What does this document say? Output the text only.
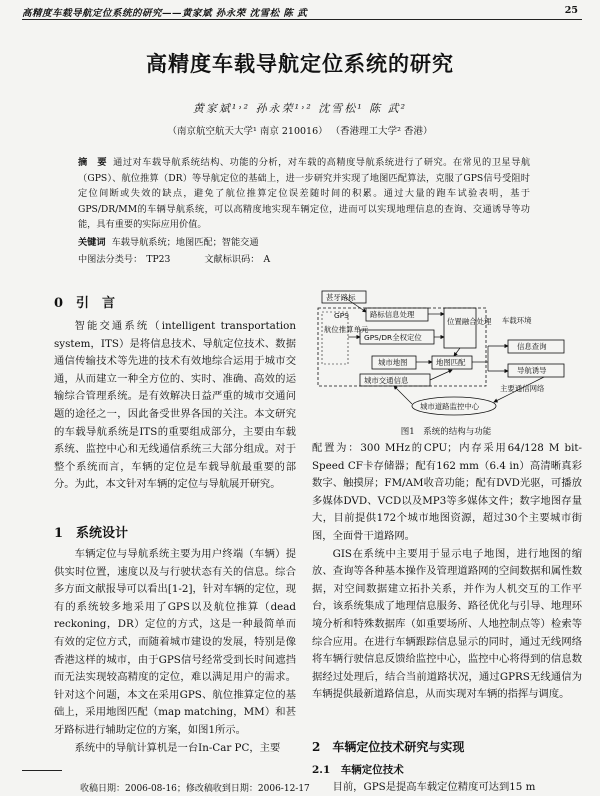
高精度车载导航定位系统的研究——黄家斌 孙永荣 沈雪松 陈 武	25
高精度车载导航定位系统的研究
黄家斌¹˒² 孙永荣¹˒² 沈雪松¹ 陈 武²
（南京航空航天大学¹ 南京 210016） （香港理工大学² 香港）
摘　要 通过对车载导航系统结构、功能的分析，对车载的高精度导航系统进行了研究。在常见的卫星导航（GPS）、航位推算（DR）等导航定位的基础上，进一步研究并实现了地图匹配算法，克服了GPS信号受阻时定位间断或失效的缺点，避免了航位推算定位误差随时间的积累。通过大量的跑车试验表明，基于GPS/DR/MM的车辆导航系统，可以高精度地实现车辆定位，进而可以实现地理信息的查询、交通诱导等功能，具有重要的实际应用价值。
关键词 车载导航系统；地图匹配；智能交通
中图法分类号： TP23	文献标识码： A
0　引　言

智能交通系统（intelligent transportation system，ITS）是将信息技术、导航定位技术、数据通信传输技术等先进的技术有效地综合运用于城市交通，从而建立一种全方位的、实时、准确、高效的运输综合管理系统。是有效解决日益严重的城市交通问题的途径之一，因此备受世界各国的关注。本文研究的车载导航系统是ITS的重要组成部分，主要由车载系统、监控中心和无线通信系统三大部分组成。对于整个系统而言，车辆的定位是车载导航最重要的部分。为此，本文针对车辆的定位与导航展开研究。

1　系统设计

车辆定位与导航系统主要为用户终端（车辆）提供实时位置，速度以及与行驶状态有关的信息。综合多方面文献报导可以看出[1-2]，针对车辆的定位，现有的系统较多地采用了GPS以及航位推算（dead reckoning，DR）定位的方式，这是一种最简单而有效的定位方式，而随着城市建设的发展，特别是像香港这样的城市，由于GPS信号经常受到长时间遮挡而无法实现较高精度的定位，难以满足用户的需求。针对这个问题，本文在采用GPS、航位推算定位的基础上，采用地图匹配（map matching，MM）和甚牙路标进行辅助定位的方案，如图1所示。

系统中的导航计算机是一台In-Car PC，主要

收稿日期：2006-08-16；修改稿收到日期：2006-12-17
甚牙路标
车载环境
GPS
航位推算单元
路标信息处理
GPS/DR全权定位
位置融合处理
城市地图	地图匹配
城市交通信息
信息查询
导航诱导
主要通信网络
城市道路监控中心
图1　系统的结构与功能

配置为：300 MHz的CPU；内存采用64/128 M bit-Speed CF卡存储器；配有162 mm（6.4 in）高清晰真彩数字、触摸屏；FM/AM收音功能；配有DVD光驱，可播放多媒体DVD、VCD以及MP3等多媒体文件；数字地图存量大，目前提供172个城市地图资源，超过30个主要城市街图，全面骨干道路网。

GIS在系统中主要用于显示电子地图，进行地图的缩放、查询等各种基本操作及管理道路网的空间数据和属性数据，对空间数据建立拓扑关系，并作为人机交互的工作平台，该系统集成了地理信息服务、路径优化与引导、地理环境分析和特殊数据库（如重要场所、人地控制点等）检索等综合应用。在进行车辆跟踪信息显示的同时，通过无线网络将车辆行驶信息反馈给监控中心，监控中心将得到的信息数据经过处理后，结合当前道路状况，通过GPRS无线通信为车辆提供最新道路信息，从而实现对车辆的指挥与调度。

2　车辆定位技术研究与实现
2.1　车辆定位技术

目前，GPS是提高车载定位精度可达到15 m
